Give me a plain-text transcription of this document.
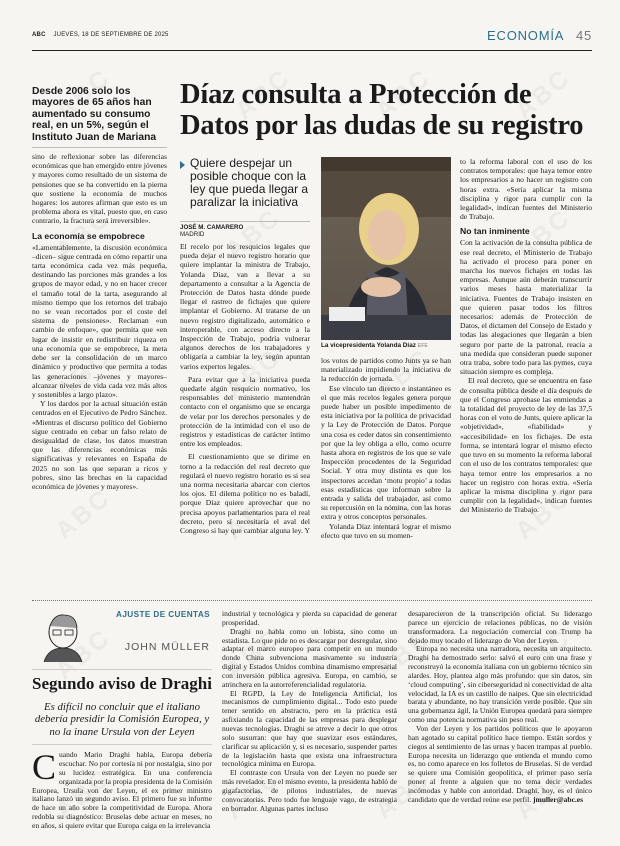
ABC JUEVES, 18 DE SEPTIEMBRE DE 2025	ECONOMÍA 45
Desde 2006 solo los mayores de 65 años han aumentado su consumo real, en un 5%, según el Instituto Juan de Mariana

sino de reflexionar sobre las diferencias económicas que han emergido entre jóvenes y mayores como resultado de un sistema de pensiones que se ha convertido en la pierna que sostiene la economía de muchos hogares: los autores afirman que esto es un problema ahora es vital, puesto que, en caso contrario, la fractura será irreversible».

La economía se empobrece

«Lamentablemente, la discusión económica –dicen– sigue centrada en cómo repartir una tarta económica cada vez más pequeña, destinando las porciones más grandes a los grupos de mayor edad, y no en hacer crecer el tamaño total de la tarta, asegurando al mismo tiempo que los retornos del trabajo no se vean recortados por el coste del sistema de pensiones». Reclaman «un cambio de enfoque», que permita que «en lugar de insistir en redistribuir riqueza en una economía que se empobrece, la meta debe ser la consolidación de un marco dinámico y productivo que permita a todas las generaciones –jóvenes y mayores– alcanzar niveles de vida cada vez más altos y sostenibles a largo plazo».

Y los dardos por la actual situación están centrados en el Ejecutivo de Pedro Sánchez. «Mientras el discurso político del Gobierno sigue centrado en cebar un falso relato de desigualdad de clase, los datos muestran que las diferencias económicas más significativas y relevantes en España de 2025 no son las que separan a ricos y pobres, sino las brechas en la capacidad económica de jóvenes y mayores».

Díaz consulta a Protección de Datos por las dudas de su registro
Quiere despejar un posible choque con la ley que pueda llegar a paralizar la iniciativa
JOSÉ M. CAMARERO
MADRID

El recelo por los resquicios legales que pueda dejar el nuevo registro horario que quiere implantar la ministra de Trabajo, Yolanda Díaz, van a llevar a su departamento a consultar a la Agencia de Protección de Datos hasta dónde puede llegar el rastreo de fichajes que quiere implantar el Gobierno. Al tratarse de un nuevo registro digitalizado, automático e interoperable, con acceso directo a la Inspección de Trabajo, podría vulnerar algunos derechos de los trabajadores y obligaría a cambiar la ley, según apuntan varios expertos legales.

Para evitar que a la iniciativa pueda quedarle algún resquicio normativo, los responsables del ministerio mantendrán contacto con el organismo que se encarga de velar por los derechos personales y de protección de la intimidad con el uso de registros y estadísticas de carácter íntimo entre los empleados.

El cuestionamiento que se dirime en torno a la redacción del real decreto que regulará el nuevo registro horario es si sea una norma necesitaria abarcar con ciertos los ojos. El dilema político no es baladí, porque Díaz quiere aprovechar que no precisa apoyos parlamentarios para el real decreto, pero sí necesitaría el aval del Congreso si hay que cambiar alguna ley. Y

La vicepresidenta Yolanda Díaz EFE

los votos de partidos como Junts ya se han materializado impidiendo la iniciativa de la reducción de jornada.

Ese vínculo tan directo e instantáneo es el que más recelos legales genera porque puede haber un posible impedimento de esta iniciativa por la política de privacidad y la Ley de Protección de Datos. Porque una cosa es ceder datos sin consentimiento por que la ley obliga a ello, como ocurre hasta ahora en registros de los que se vale Inspección procedentes de la Seguridad Social. Y otra muy distinta es que los inspectores accedan ‘motu propio’ a todas esas estadísticas que informan sobre la entrada y salida del trabajador, así como su repercusión en la nómina, con las horas extra y otros conceptos personales.

Yolanda Díaz intentará lograr el mismo efecto que tuvo en su momen-

to la reforma laboral con el uso de los contratos temporales: que haya temor entre los empresarios a no hacer un registro con horas extra. «Sería aplicar la misma disciplina y rigor para cumplir con la legalidad», indican fuentes del Ministerio de Trabajo.

No tan inminente

Con la activación de la consulta pública de ese real decreto, el Ministerio de Trabajo ha activado el proceso para poner en marcha los nuevos fichajes en todas las empresas. Aunque aún deberán transcurrir varios meses hasta materializar la iniciativa. Fuentes de Trabajo insisten en que quieren pasar todos los filtros necesarios: además de Protección de Datos, el dictamen del Consejo de Estado y todas las alegaciones que llegarán a bien seguro por parte de la patronal, reacia a una medida que consideran puede suponer otra traba, sobre todo para las pymes, cuya situación siempre es compleja.

El real decreto, que se encuentra en fase de consulta pública desde el día después de que el Congreso aprobase las enmiendas a la totalidad del proyecto de ley de las 37,5 horas con el voto de Junts, quiere aplicar la «objetividad», «fiabilidad» y «accesibilidad» en los fichajes. De esta forma, se intentará lograr el mismo efecto que tuvo en su momento la reforma laboral con el uso de los contratos temporales: que haya temor entre los empresarios a no hacer un registro con horas extra. «Sería aplicar la misma disciplina y rigor para cumplir con la legalidad», indican fuentes del Ministerio de Trabajo.

AJUSTE DE CUENTAS
JOHN MÜLLER
Segundo aviso de Draghi
Es difícil no concluir que el italiano debería presidir la Comisión Europea, y no la inane Ursula von der Leyen
C uando Mario Draghi habla, Europa debería escuchar. No por cortesía ni por nostalgia, sino por su lucidez estratégica. En una conferencia organizada por la propia presidenta de la Comisión Europea, Ursula von der Leyen, el ex primer ministro italiano lanzó un segundo aviso. El primero fue su informe de hace un año sobre la competitividad de Europa. Ahora redobla su diagnóstico: Bruselas debe actuar en meses, no en años, si quiere evitar que Europa caiga en la irrelevancia

industrial y tecnológica y pierda su capacidad de generar prosperidad.

Draghi no habla como un lobista, sino como un estadista. Lo que pide no es descargar por desregular, sino adaptar el marco europeo para competir en un mundo donde China subvenciona masivamente su industria digital y Estados Unidos combina dinamismo empresarial con inversión pública agresiva. Europa, en cambio, se atrinchera en la autorreferencialidad regulatoria.

El RGPD, la Ley de Inteligencia Artificial, los mecanismos de cumplimiento digital... Todo esto puede tener sentido en abstracto, pero en la práctica está asfixiando la capacidad de las empresas para desplegar nuevas tecnologías. Draghi se atreve a decir lo que otros solo susurran: que hay que suavizar esos estándares, clarificar su aplicación y, si es necesario, suspender partes de la legislación hasta que exista una infraestructura tecnológica mínima en Europa.

El contraste con Ursula von der Leyen no puede ser más revelador. En el mismo evento, la presidenta habló de gigafactorías, de pilotos industriales, de nuevas convocatorias. Pero todo fue lenguaje vago, de estrategia en borrador. Algunas partes incluso

desaparecieron de la transcripción oficial. Su liderazgo parece un ejercicio de relaciones públicas, no de visión transformadora. La negociación comercial con Trump ha dejado muy tocado el liderazgo de Von der Leyen.

Europa no necesita una narradora, necesita un arquitecto. Draghi ha demostrado serlo: salvó el euro con una frase y reconstruyó la economía italiana con un gobierno técnico sin alardes. Hoy, plantea algo más profundo: que sin datos, sin ‘cloud computing’, sin ciberseguridad ni conectividad de alta velocidad, la IA es un castillo de naipes. Que sin electricidad barata y abundante, no hay transición verde posible. Que sin una gobernanza ágil, la Unión Europea quedará para siempre como una potencia normativa sin peso real.

Von der Leyen y los partidos políticos que le apoyaron han agotado su capital político hace tiempo. Están sordos y ciegos al sentimiento de las urnas y hacen trampas al pueblo. Europa necesita un liderazgo que entienda el mundo como es, no como aparece en los folletos de Bruselas. Si de verdad se quiere una Comisión geopolítica, el primer paso sería poner al frente a alguien que no tema decir verdades incómodas y hable con autoridad. Draghi, hoy, es el único candidato que de verdad reúne ese perfil. jmuller@abc.es
